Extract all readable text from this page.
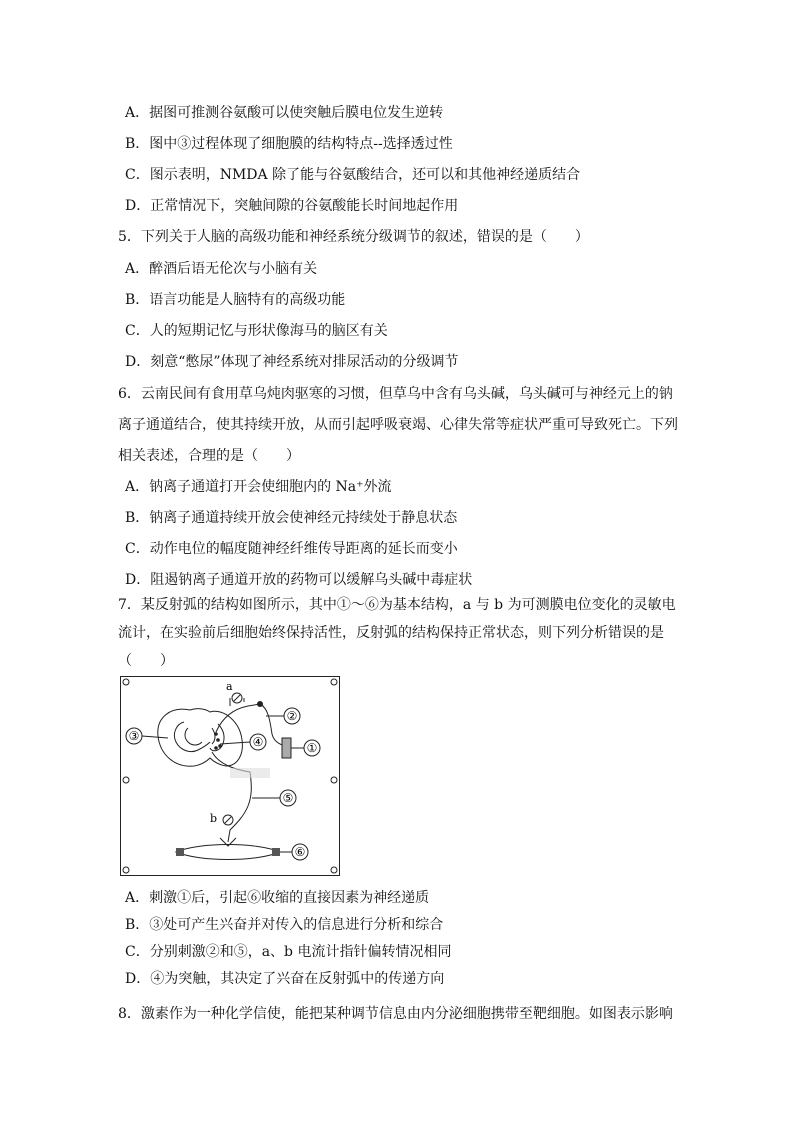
A．据图可推测谷氨酸可以使突触后膜电位发生逆转
B．图中③过程体现了细胞膜的结构特点--选择透过性
C．图示表明，NMDA 除了能与谷氨酸结合，还可以和其他神经递质结合
D．正常情况下，突触间隙的谷氨酸能长时间地起作用
5．下列关于人脑的高级功能和神经系统分级调节的叙述，错误的是（　　）
A．醉酒后语无伦次与小脑有关
B．语言功能是人脑特有的高级功能
C．人的短期记忆与形状像海马的脑区有关
D．刻意“憋尿”体现了神经系统对排尿活动的分级调节
6．云南民间有食用草乌炖肉驱寒的习惯，但草乌中含有乌头碱，乌头碱可与神经元上的钠
离子通道结合，使其持续开放，从而引起呼吸衰竭、心律失常等症状严重可导致死亡。下列
相关表述，合理的是（　　）
A．钠离子通道打开会使细胞内的 Na⁺外流
B．钠离子通道持续开放会使神经元持续处于静息状态
C．动作电位的幅度随神经纤维传导距离的延长而变小
D．阻遏钠离子通道开放的药物可以缓解乌头碱中毒症状
7．某反射弧的结构如图所示，其中①～⑥为基本结构，a 与 b 为可测膜电位变化的灵敏电
流计，在实验前后细胞始终保持活性，反射弧的结构保持正常状态，则下列分析错误的是
（　　）
③	④
②
①
a
⑤
b
⑥
A．刺激①后，引起⑥收缩的直接因素为神经递质
B．③处可产生兴奋并对传入的信息进行分析和综合
C．分别刺激②和⑤，a、b 电流计指针偏转情况相同
D．④为突触，其决定了兴奋在反射弧中的传递方向
8．激素作为一种化学信使，能把某种调节信息由内分泌细胞携带至靶细胞。如图表示影响
